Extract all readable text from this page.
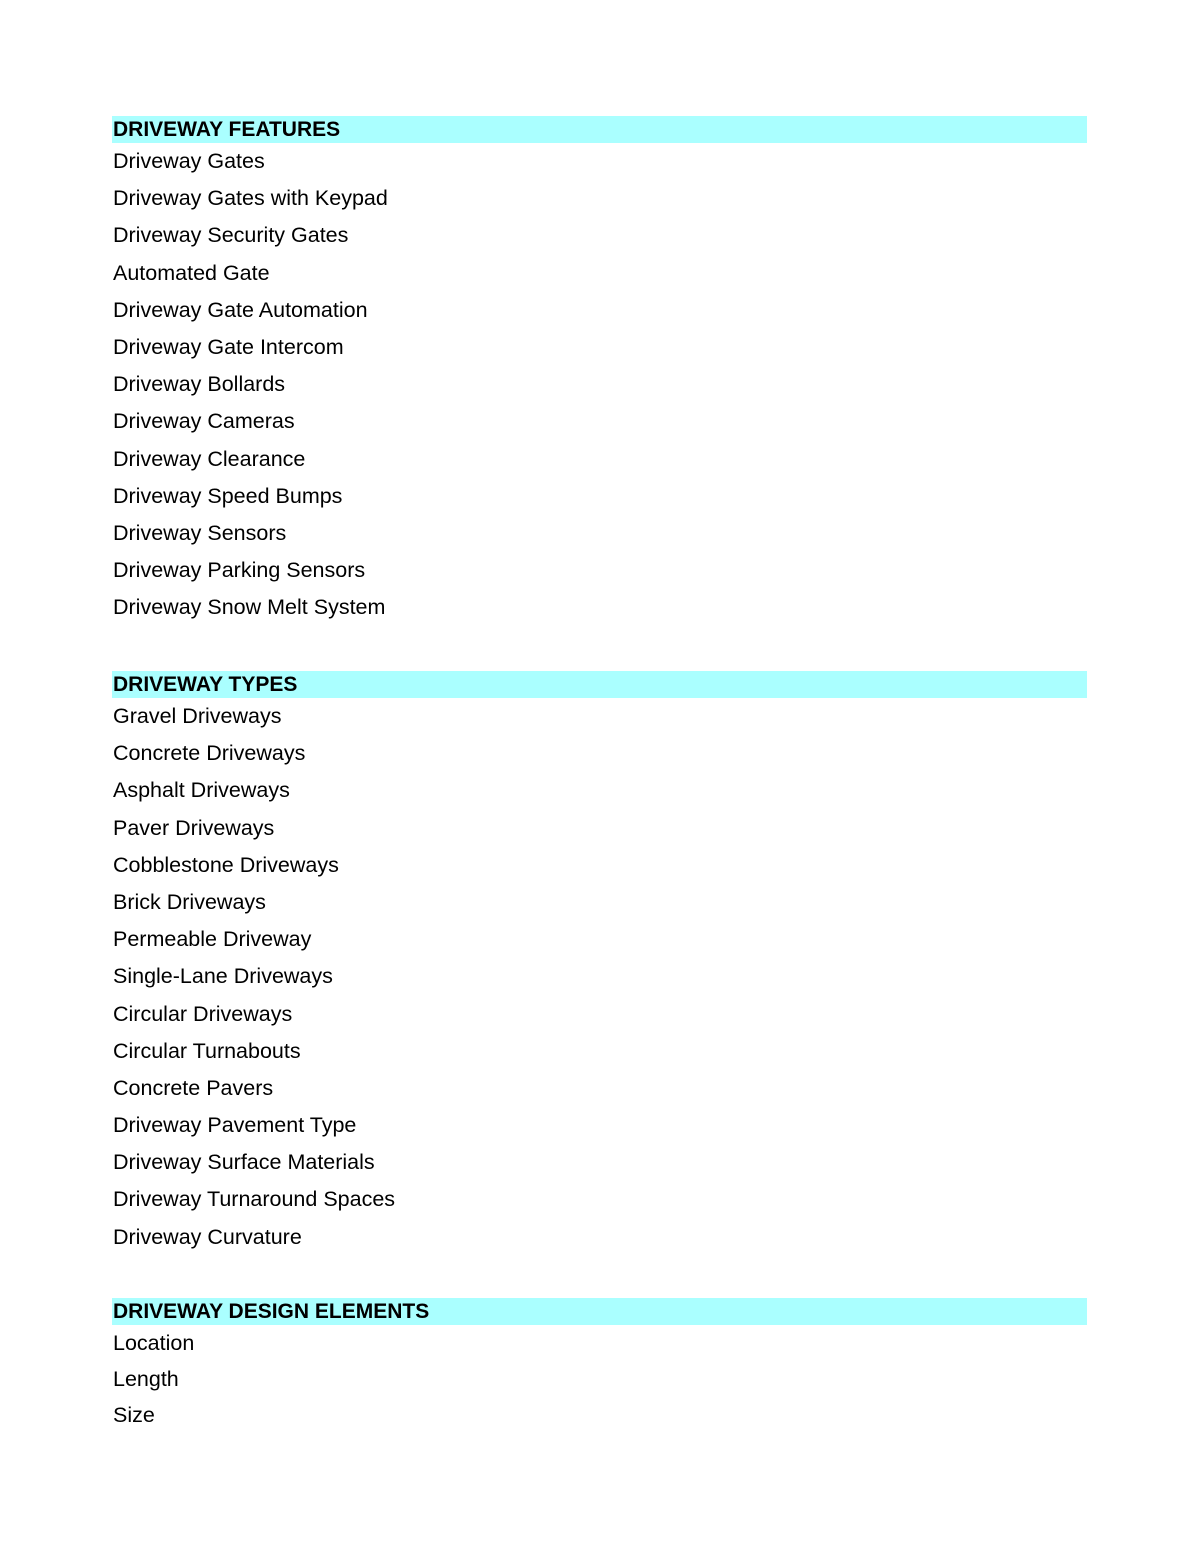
DRIVEWAY FEATURES
Driveway Gates
Driveway Gates with Keypad
Driveway Security Gates
Automated Gate
Driveway Gate Automation
Driveway Gate Intercom
Driveway Bollards
Driveway Cameras
Driveway Clearance
Driveway Speed Bumps
Driveway Sensors
Driveway Parking Sensors
Driveway Snow Melt System
DRIVEWAY TYPES
Gravel Driveways
Concrete Driveways
Asphalt Driveways
Paver Driveways
Cobblestone Driveways
Brick Driveways
Permeable Driveway
Single-Lane Driveways
Circular Driveways
Circular Turnabouts
Concrete Pavers
Driveway Pavement Type
Driveway Surface Materials
Driveway Turnaround Spaces
Driveway Curvature
DRIVEWAY DESIGN ELEMENTS
Location
Length
Size
